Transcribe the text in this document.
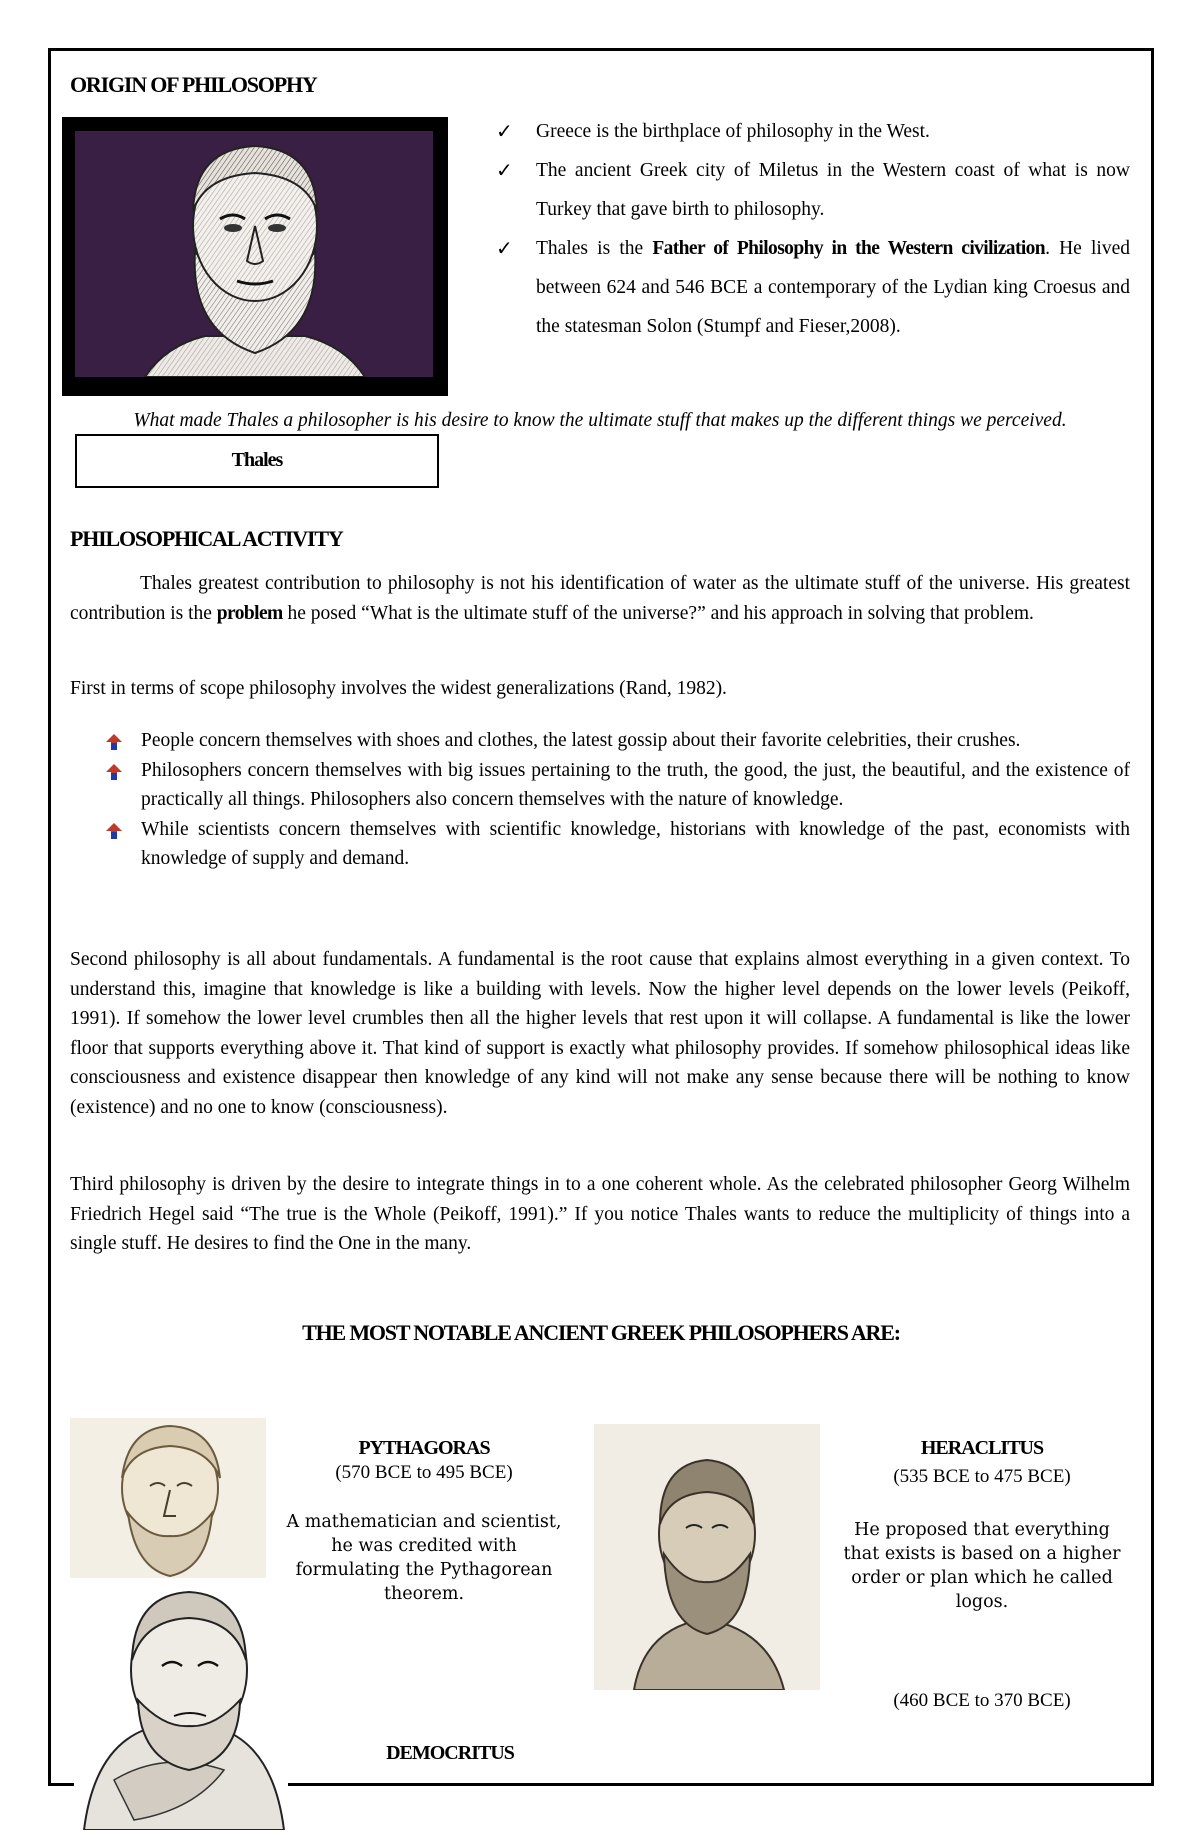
ORIGIN OF PHILOSOPHY
✓ Greece is the birthplace of philosophy in the West.
✓ The ancient Greek city of Miletus in the Western coast of what is now Turkey that gave birth to philosophy.
✓ Thales is the Father of Philosophy in the Western civilization. He lived between 624 and 546 BCE a contemporary of the Lydian king Croesus and the statesman Solon (Stumpf and Fieser,2008).
What made Thales a philosopher is his desire to know the ultimate stuff that makes up the different things we perceived.
Thales
PHILOSOPHICAL ACTIVITY
Thales greatest contribution to philosophy is not his identification of water as the ultimate stuff of the universe. His greatest contribution is the problem he posed “What is the ultimate stuff of the universe?” and his approach in solving that problem.
First in terms of scope philosophy involves the widest generalizations (Rand, 1982).
People concern themselves with shoes and clothes, the latest gossip about their favorite celebrities, their crushes.
Philosophers concern themselves with big issues pertaining to the truth, the good, the just, the beautiful, and the existence of practically all things. Philosophers also concern themselves with the nature of knowledge.
While scientists concern themselves with scientific knowledge, historians with knowledge of the past, economists with knowledge of supply and demand.
Second philosophy is all about fundamentals. A fundamental is the root cause that explains almost everything in a given context. To understand this, imagine that knowledge is like a building with levels. Now the higher level depends on the lower levels (Peikoff, 1991). If somehow the lower level crumbles then all the higher levels that rest upon it will collapse. A fundamental is like the lower floor that supports everything above it. That kind of support is exactly what philosophy provides. If somehow philosophical ideas like consciousness and existence disappear then knowledge of any kind will not make any sense because there will be nothing to know (existence) and no one to know (consciousness).
Third philosophy is driven by the desire to integrate things in to a one coherent whole. As the celebrated philosopher Georg Wilhelm Friedrich Hegel said “The true is the Whole (Peikoff, 1991).” If you notice Thales wants to reduce the multiplicity of things into a single stuff. He desires to find the One in the many.
THE MOST NOTABLE ANCIENT GREEK PHILOSOPHERS ARE:
PYTHAGORAS
(570 BCE to 495 BCE)
A mathematician and scientist, he was credited with formulating the Pythagorean theorem.
HERACLITUS
(535 BCE to 475 BCE)
He proposed that everything that exists is based on a higher order or plan which he called logos.
(460 BCE to 370 BCE)
DEMOCRITUS
